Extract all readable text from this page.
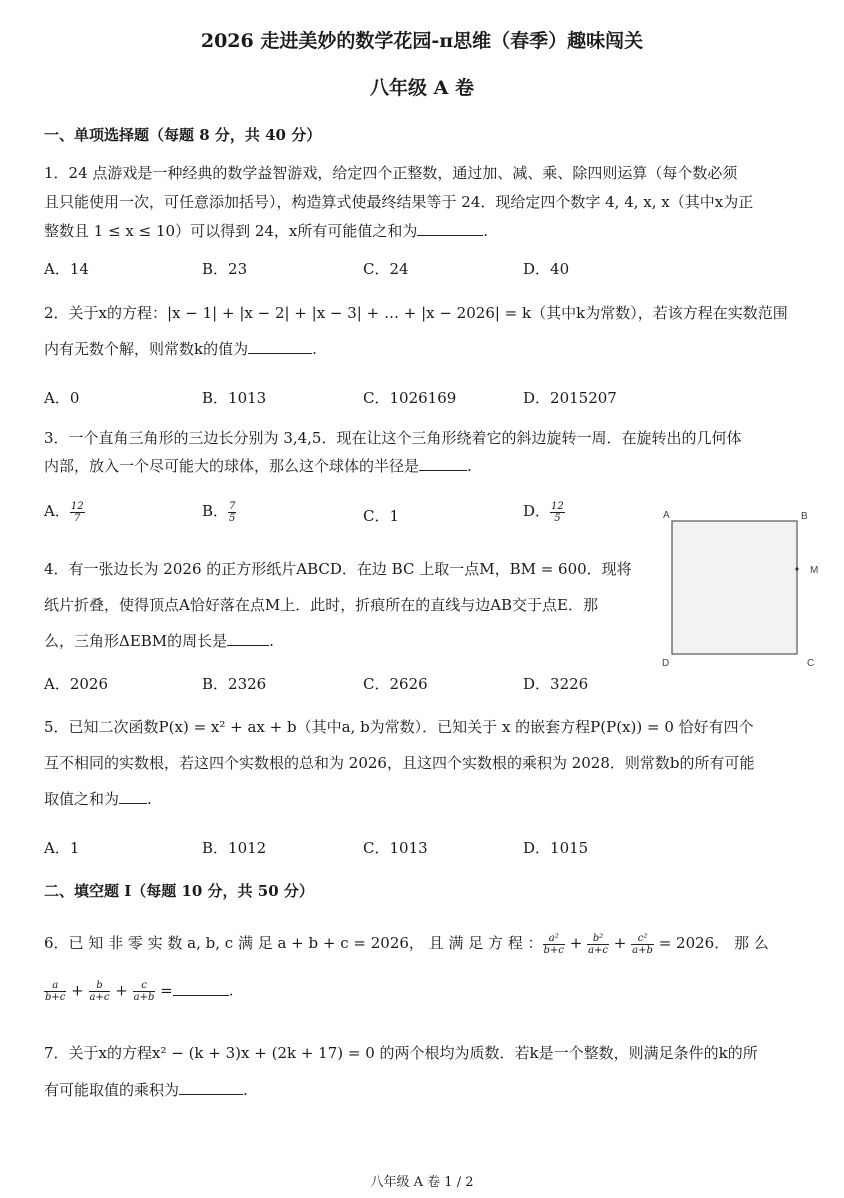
2026 走进美妙的数学花园-π思维（春季）趣味闯关
八年级 A 卷
一、单项选择题（每题 8 分，共 40 分）
1．24 点游戏是一种经典的数学益智游戏，给定四个正整数，通过加、减、乘、除四则运算（每个数必须
且只能使用一次，可任意添加括号），构造算式使最终结果等于 24．现给定四个数字 4, 4, x, x（其中x为正
整数且 1 ≤ x ≤ 10）可以得到 24，x所有可能值之和为	.
A．14	B．23	C．24	D．40
2．关于x的方程：|x − 1| + |x − 2| + |x − 3| + … + |x − 2026| = k（其中k为常数），若该方程在实数范围
内有无数个解，则常数k的值为	.
A．0	B．1013	C．1026169	D．2015207
3．一个直角三角形的三边长分别为 3,4,5．现在让这个三角形绕着它的斜边旋转一周．在旋转出的几何体
内部，放入一个尽可能大的球体，那么这个球体的半径是	.
A． $\frac{12}{7}$	B． $\frac{7}{5}$	C．1	D． $\frac{12}{5}$
4．有一张边长为 2026 的正方形纸片ABCD．在边 BC 上取一点M，BM = 600．现将
纸片折叠，使得顶点A恰好落在点M上．此时，折痕所在的直线与边AB交于点E．那
么，三角形ΔEBM的周长是	.
A．2026	B．2326	C．2626	D．3226
A	B
M
D	C
5．已知二次函数P(x) = x² + ax + b（其中a, b为常数）．已知关于 x 的嵌套方程P(P(x)) = 0 恰好有四个
互不相同的实数根，若这四个实数根的总和为 2026，且这四个实数根的乘积为 2028．则常数b的所有可能
取值之和为 .
A．1	B．1012	C．1013	D．1015
二、填空题 I（每题 10 分，共 50 分）
6．已 知 非 零 实 数 a, b, c 满 足 a + b + c = 2026， 且 满 足 方 程 ： $\frac{\text{a²}}{b+c} + \frac{\text{b²}}{a+c} + \frac{\text{c²}}{a+b} = 2026$． 那 么
$\frac{a}{b+c} + \frac{b}{a+c} + \frac{c}{a+b}$ =	.
7．关于x的方程x² − (k + 3)x + (2k + 17) = 0 的两个根均为质数．若k是一个整数，则满足条件的k的所
有可能取值的乘积为	.
八年级 A 卷 1 / 2
